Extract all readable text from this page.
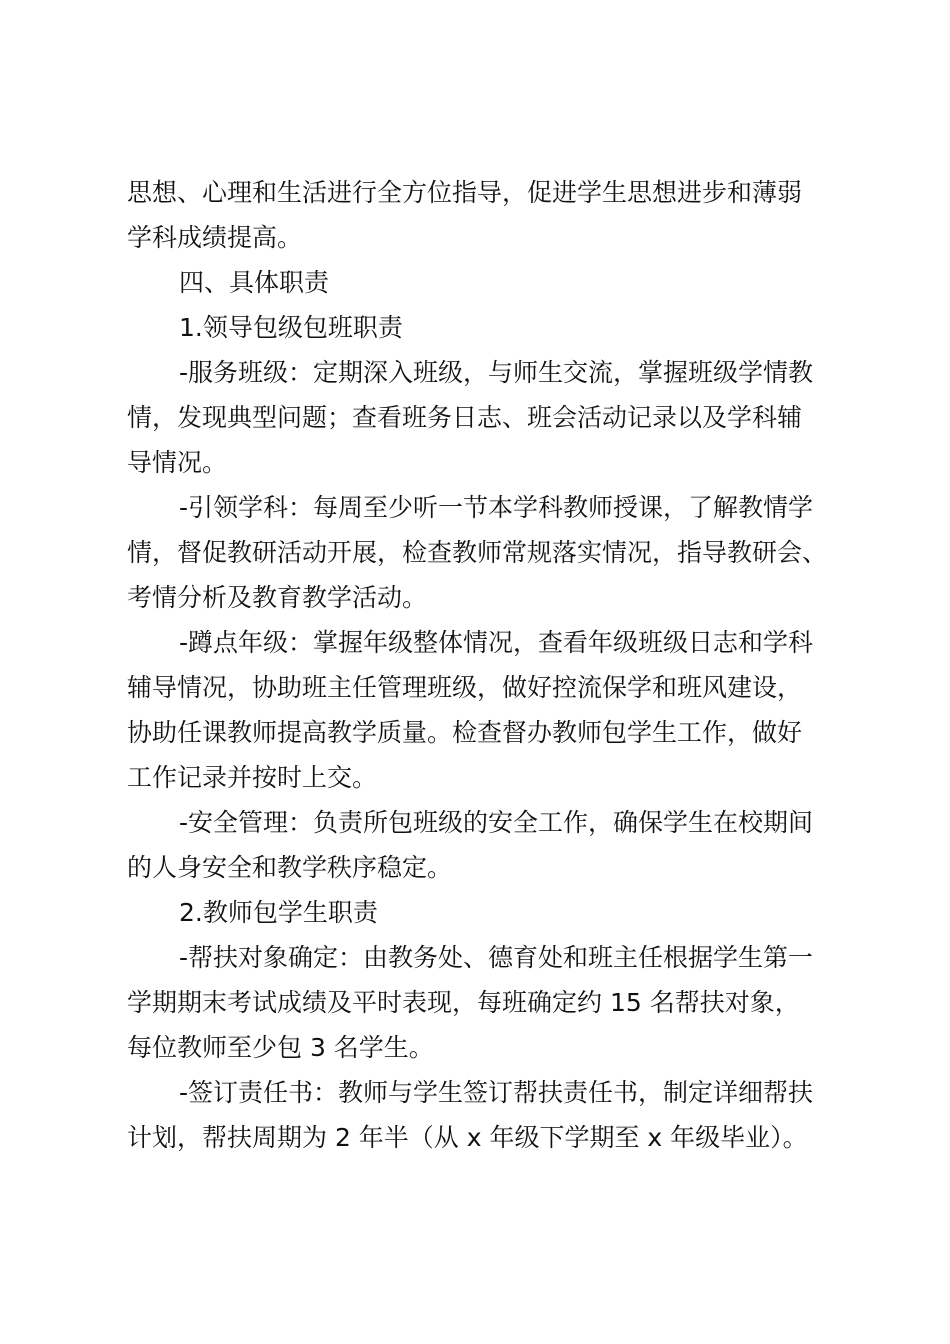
思想、心理和生活进行全方位指导，促进学生思想进步和薄弱
学科成绩提高。
四、具体职责
1.领导包级包班职责
-服务班级：定期深入班级，与师生交流，掌握班级学情教
情，发现典型问题；查看班务日志、班会活动记录以及学科辅
导情况。
-引领学科：每周至少听一节本学科教师授课，了解教情学
情，督促教研活动开展，检查教师常规落实情况，指导教研会、
考情分析及教育教学活动。
-蹲点年级：掌握年级整体情况，查看年级班级日志和学科
辅导情况，协助班主任管理班级，做好控流保学和班风建设，
协助任课教师提高教学质量。检查督办教师包学生工作，做好
工作记录并按时上交。
-安全管理：负责所包班级的安全工作，确保学生在校期间
的人身安全和教学秩序稳定。
2.教师包学生职责
-帮扶对象确定：由教务处、德育处和班主任根据学生第一
学期期末考试成绩及平时表现，每班确定约 15 名帮扶对象，
每位教师至少包 3 名学生。
-签订责任书：教师与学生签订帮扶责任书，制定详细帮扶
计划，帮扶周期为 2 年半（从 x 年级下学期至 x 年级毕业）。
